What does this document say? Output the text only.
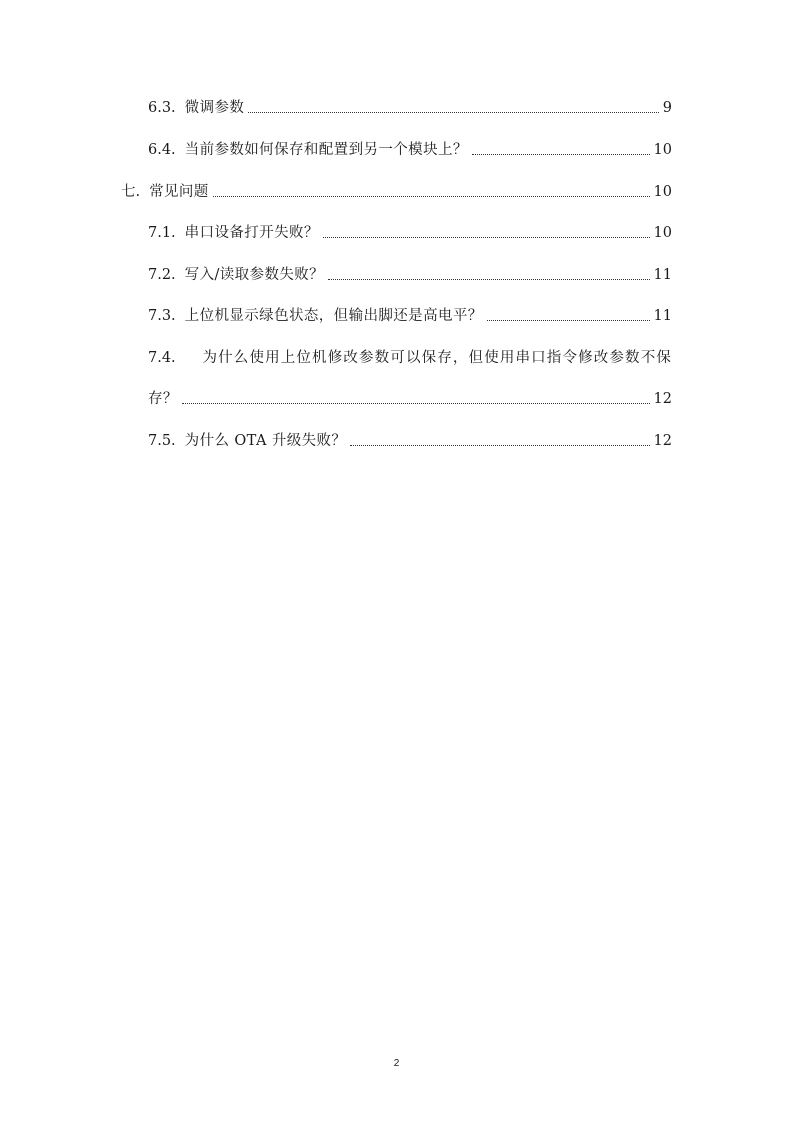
6.3. 微调参数	9
6.4. 当前参数如何保存和配置到另一个模块上？	10
七. 常见问题	10
7.1. 串口设备打开失败？	10
7.2. 写入/读取参数失败？	11
7.3. 上位机显示绿色状态，但输出脚还是高电平？	11
7.4. 为什么使用上位机修改参数可以保存，但使用串口指令修改参数不保
存？	12
7.5. 为什么 OTA 升级失败？	12
2
